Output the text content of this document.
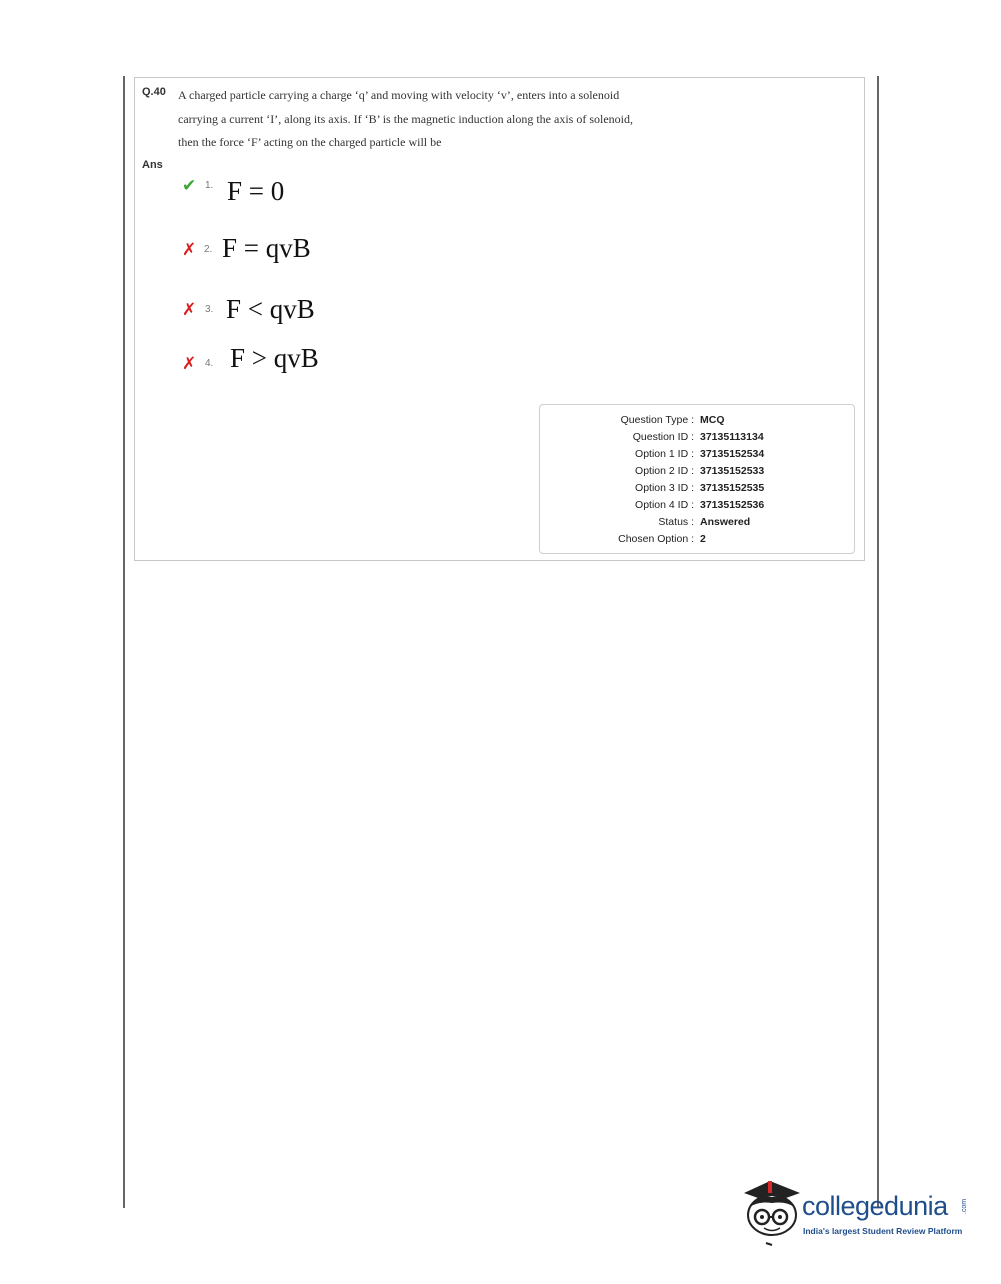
Q.40 A charged particle carrying a charge ‘q’ and moving with velocity ‘v’, enters into a solenoid carrying a current ‘I’, along its axis. If ‘B’ is the magnetic induction along the axis of solenoid, then the force ‘F’ acting on the charged particle will be
Ans
✔ 1. F = 0
✗ 2. F = qvB
✗ 3. F < qvB
✗ 4. F > qvB
Question Type : MCQ
Question ID : 37135113134
Option 1 ID : 37135152534
Option 2 ID : 37135152533
Option 3 ID : 37135152535
Option 4 ID : 37135152536
Status : Answered
Chosen Option : 2
collegedunia .com
India's largest Student Review Platform
